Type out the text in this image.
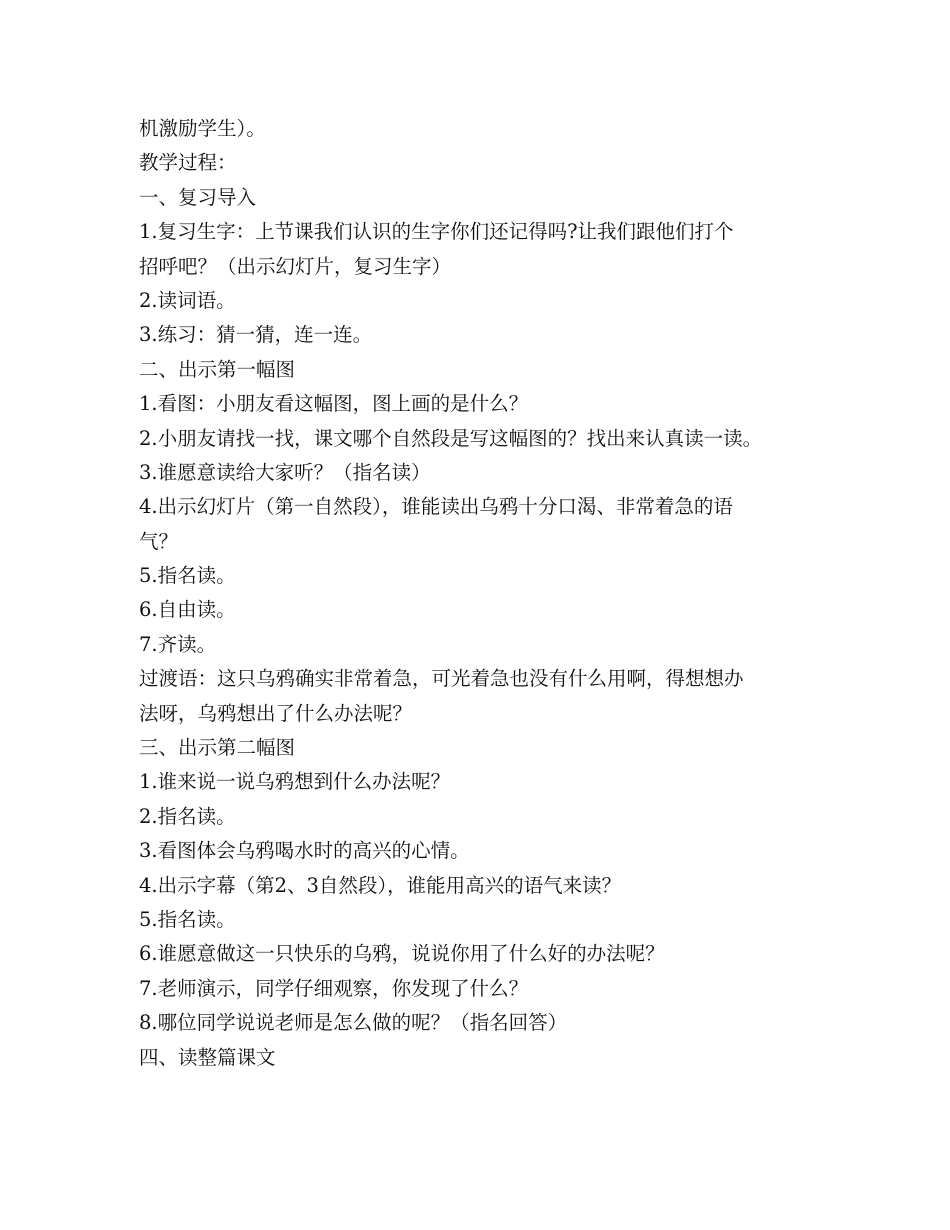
机激励学生）。

教学过程：

一、复习导入

1.复习生字：上节课我们认识的生字你们还记得吗?让我们跟他们打个

招呼吧？（出示幻灯片，复习生字）

2.读词语。

3.练习：猜一猜，连一连。

二、出示第一幅图

1.看图：小朋友看这幅图，图上画的是什么？

2.小朋友请找一找，课文哪个自然段是写这幅图的？找出来认真读一读。

3.谁愿意读给大家听？（指名读）

4.出示幻灯片（第一自然段），谁能读出乌鸦十分口渴、非常着急的语

气？

5.指名读。

6.自由读。

7.齐读。

过渡语：这只乌鸦确实非常着急，可光着急也没有什么用啊，得想想办

法呀，乌鸦想出了什么办法呢？

三、出示第二幅图

1.谁来说一说乌鸦想到什么办法呢？

2.指名读。

3.看图体会乌鸦喝水时的高兴的心情。

4.出示字幕（第2、3自然段），谁能用高兴的语气来读？

5.指名读。

6.谁愿意做这一只快乐的乌鸦，说说你用了什么好的办法呢？

7.老师演示，同学仔细观察，你发现了什么？

8.哪位同学说说老师是怎么做的呢？（指名回答）

四、读整篇课文
